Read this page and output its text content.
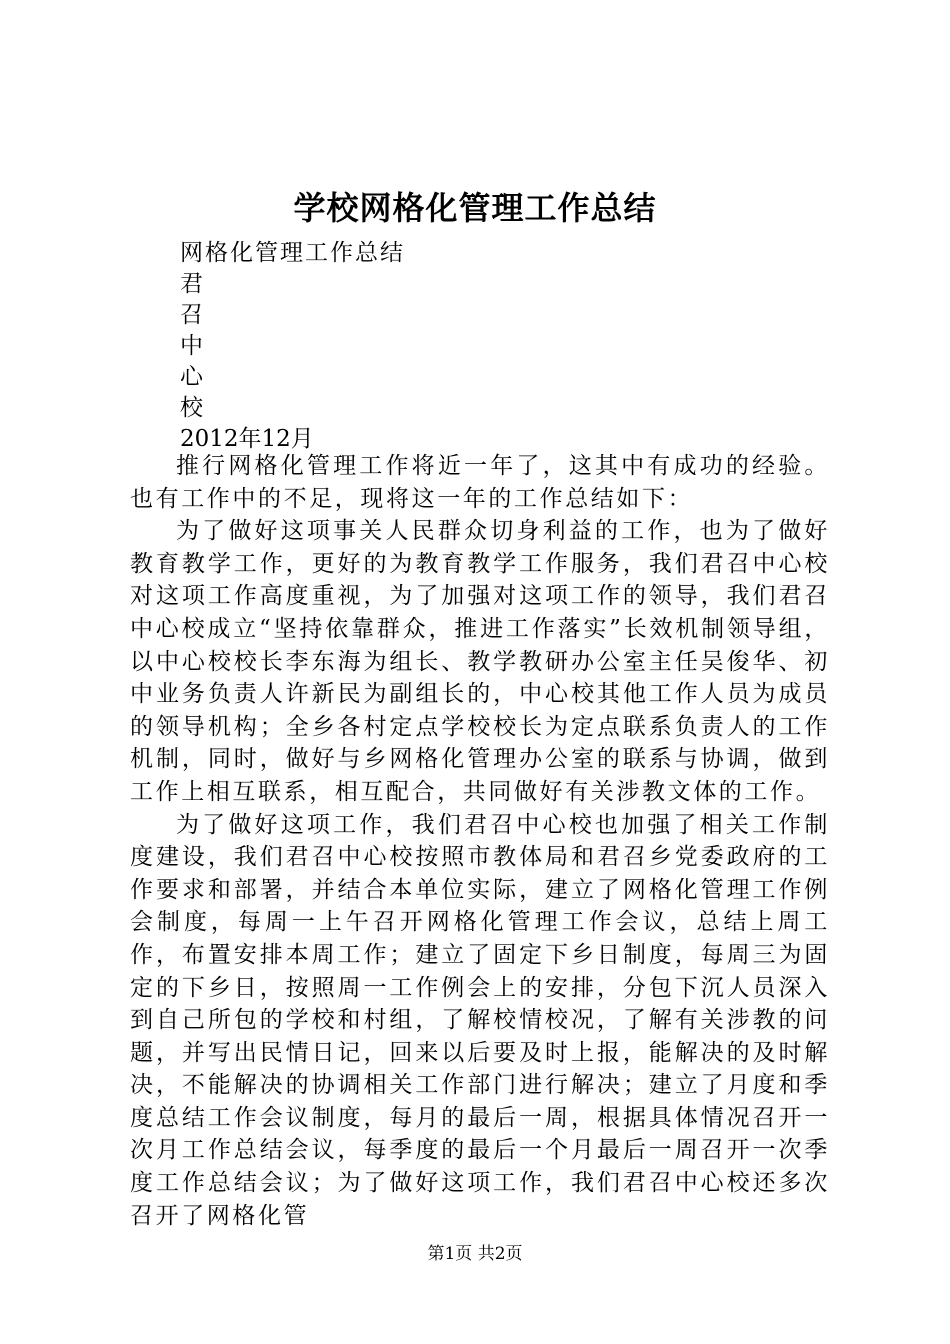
学校网格化管理工作总结
网格化管理工作总结
君
召
中
心
校
2012年12月

推行网格化管理工作将近一年了，这其中有成功的经验。也有工作中的不足，现将这一年的工作总结如下：

为了做好这项事关人民群众切身利益的工作，也为了做好教育教学工作，更好的为教育教学工作服务，我们君召中心校对这项工作高度重视，为了加强对这项工作的领导，我们君召中心校成立“坚持依靠群众，推进工作落实”长效机制领导组，以中心校校长李东海为组长、教学教研办公室主任吴俊华、初中业务负责人许新民为副组长的，中心校其他工作人员为成员的领导机构；全乡各村定点学校校长为定点联系负责人的工作机制，同时，做好与乡网格化管理办公室的联系与协调，做到工作上相互联系，相互配合，共同做好有关涉教文体的工作。

为了做好这项工作，我们君召中心校也加强了相关工作制度建设，我们君召中心校按照市教体局和君召乡党委政府的工作要求和部署，并结合本单位实际，建立了网格化管理工作例会制度，每周一上午召开网格化管理工作会议，总结上周工作，布置安排本周工作；建立了固定下乡日制度，每周三为固定的下乡日，按照周一工作例会上的安排，分包下沉人员深入到自己所包的学校和村组，了解校情校况，了解有关涉教的问题，并写出民情日记，回来以后要及时上报，能解决的及时解决，不能解决的协调相关工作部门进行解决；建立了月度和季度总结工作会议制度，每月的最后一周，根据具体情况召开一次月工作总结会议，每季度的最后一个月最后一周召开一次季度工作总结会议；为了做好这项工作，我们君召中心校还多次召开了网格化管

第1页 共2页
